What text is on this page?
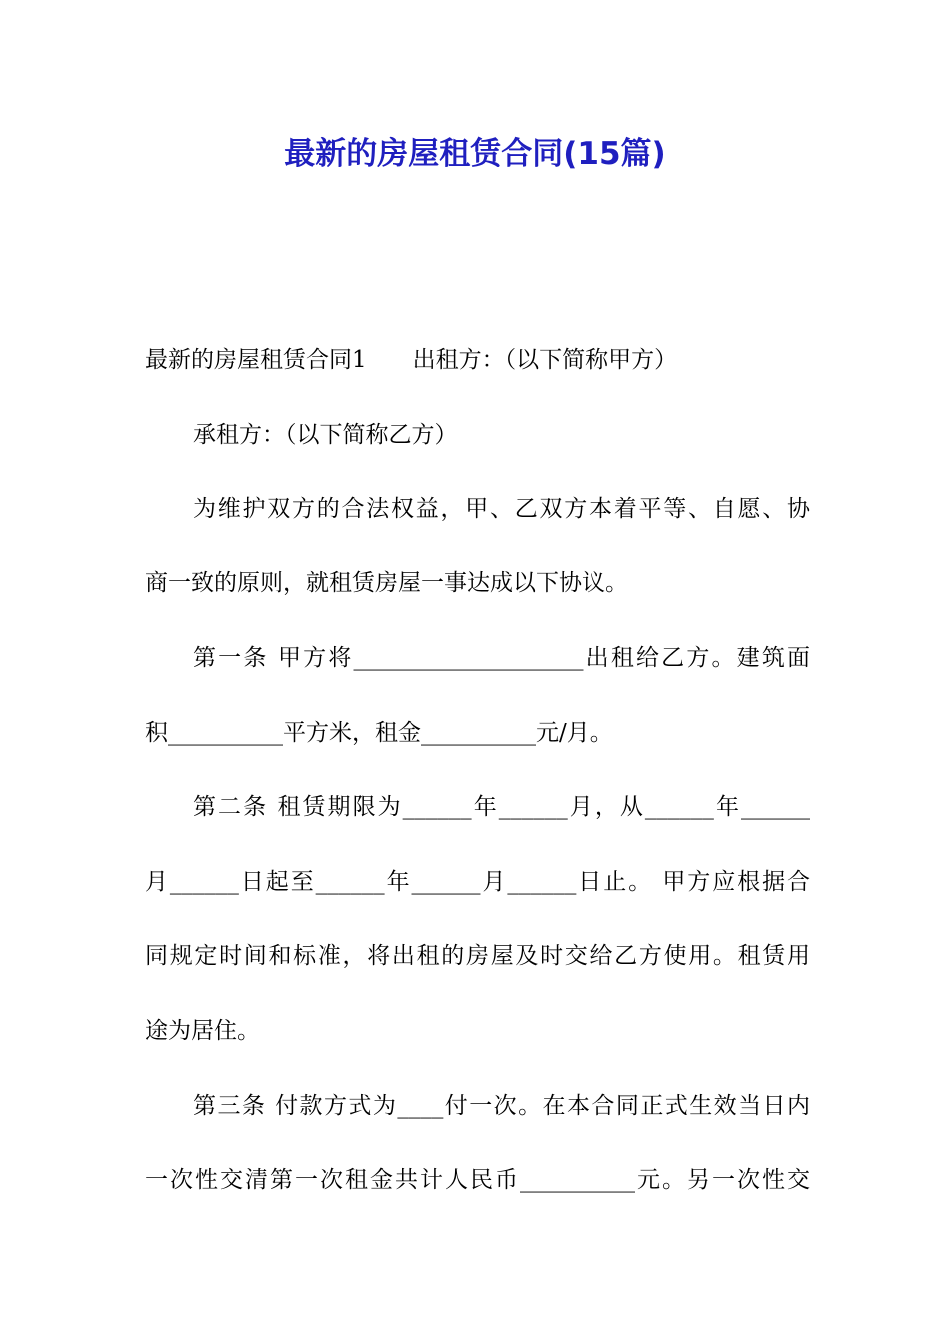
最新的房屋租赁合同(15篇)
最新的房屋租赁合同1　　出租方：（以下简称甲方）
承租方：（以下简称乙方）
为维护双方的合法权益，甲、乙双方本着平等、自愿、协
商一致的原则，就租赁房屋一事达成以下协议。
第一条 甲方将____________________出租给乙方。建筑面
积__________平方米，租金__________元/月。
第二条 租赁期限为______年______月，从______年______
月______日起至______年______月______日止。 甲方应根据合
同规定时间和标准，将出租的房屋及时交给乙方使用。租赁用
途为居住。
第三条 付款方式为____付一次。在本合同正式生效当日内
一次性交清第一次租金共计人民币__________元。另一次性交
